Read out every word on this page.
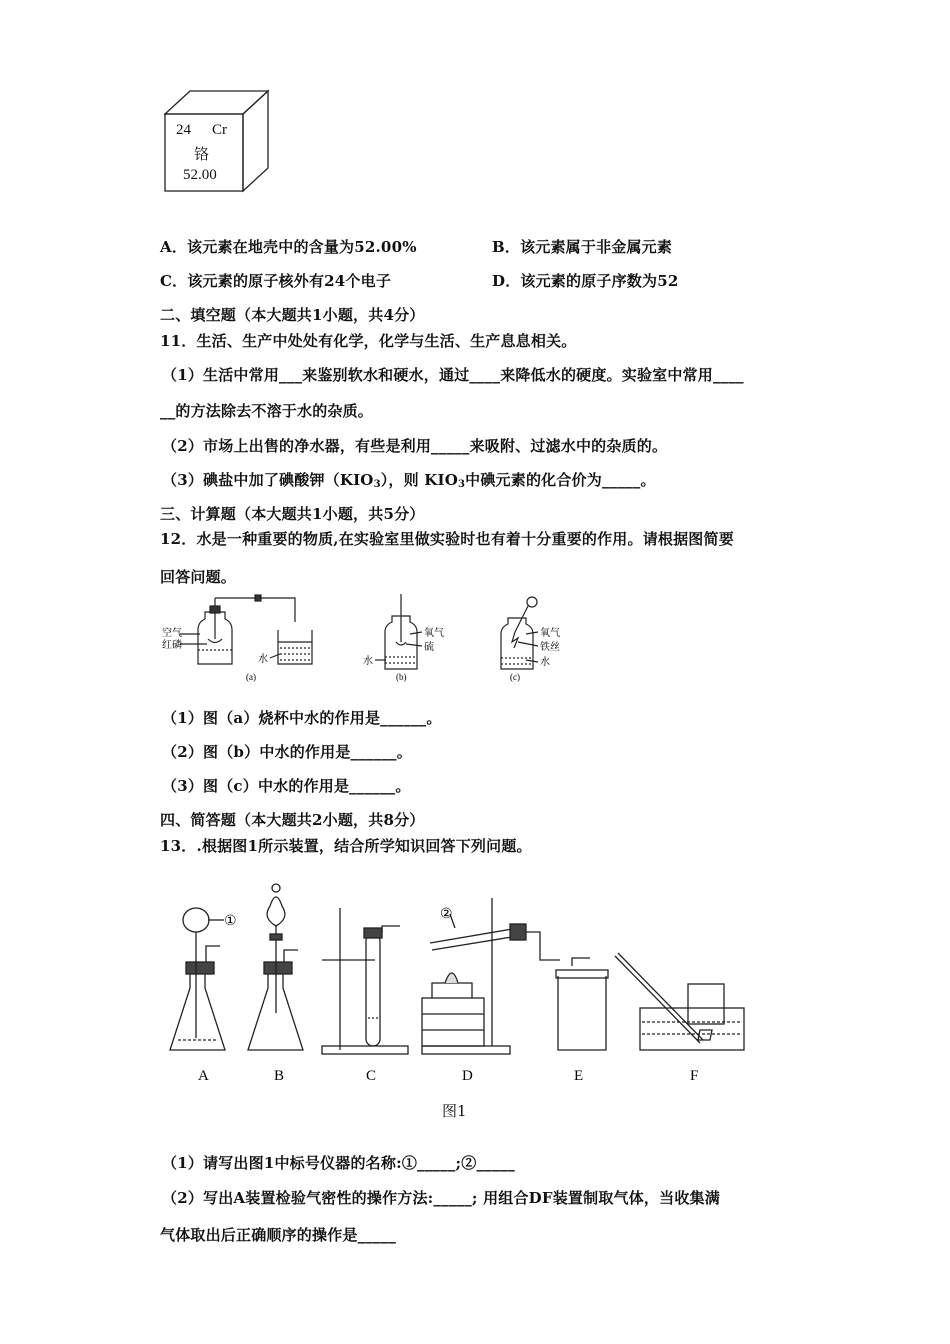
24 Cr
铬
52.00
A．该元素在地壳中的含量为52.00%	B．该元素属于非金属元素
C．该元素的原子核外有24个电子	D．该元素的原子序数为52
二、填空题（本大题共1小题，共4分）
11．生活、生产中处处有化学，化学与生活、生产息息相关。
（1）生活中常用___来鉴别软水和硬水，通过____来降低水的硬度。实验室中常用____
__的方法除去不溶于水的杂质。
（2）市场上出售的净水器，有些是利用_____来吸附、过滤水中的杂质的。
（3）碘盐中加了碘酸钾$(KIO_3)$，则 $KIO_3$中碘元素的化合价为_____。
三、计算题（本大题共1小题，共5分）
12．水是一种重要的物质,在实验室里做实验时也有着十分重要的作用。请根据图简要
回答问题。
空气
红磷
水
(a)
氧气
硫
水
(b)
氧气
铁丝
水
(c)
（1）图（a）烧杯中水的作用是______。
（2）图（b）中水的作用是______。
（3）图（c）中水的作用是______。
四、简答题（本大题共2小题，共8分）
13．.根据图1所示装置，结合所学知识回答下列问题。
①	②
A	B	C	D	E	F
图1
（1）请写出图1中标号仪器的名称:①_____;②_____
（2）写出A装置检验气密性的操作方法:_____; 用组合DF装置制取气体，当收集满
气体取出后正确顺序的操作是_____
